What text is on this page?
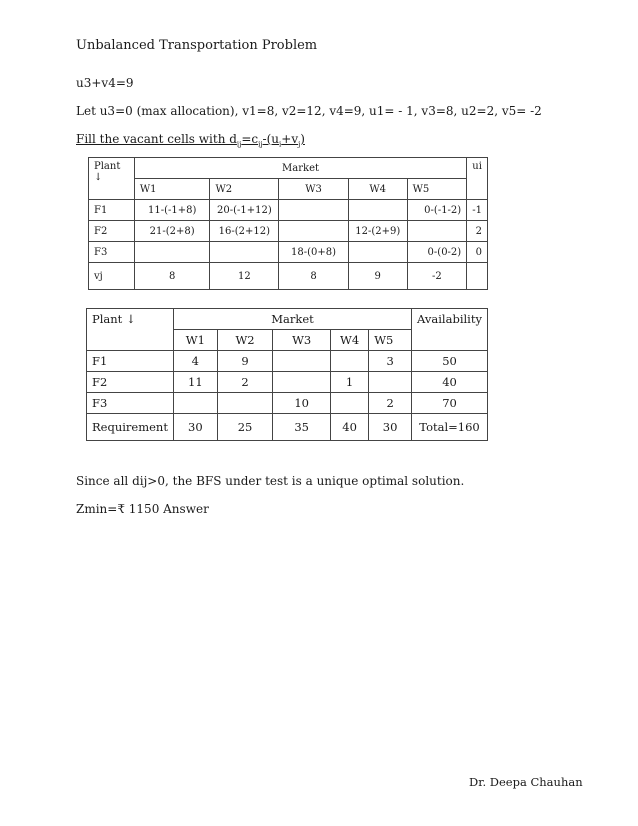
Unbalanced Transportation Problem
u3+v4=9
Let u3=0 (max allocation), v1=8, v2=12, v4=9, u1= - 1, v3=8, u2=2, v5= -2
Fill the vacant cells with $d_{ij}=c_{ij}-(u_i+v_j)$
Plant ↓	Market					ui
	W1	W2	W3	W4	W5	
F1	11-(-1+8)	20-(-1+12)			0-(-1-2)	-1
F2	21-(2+8)	16-(2+12)		12-(2+9)		2
F3			18-(0+8)		0-(0-2)	0
vj	8	12	8	9	-2	
Plant ↓	Market					Availability
	W1	W2	W3	W4	W5	
F1	4	9			3	50
F2	11	2		1		40
F3			10		2	70
Requirement	30	25	35	40	30	Total=160
Since all dij>0, the BFS under test is a unique optimal solution.
Zmin=₹ 1150 Answer
Dr. Deepa Chauhan
